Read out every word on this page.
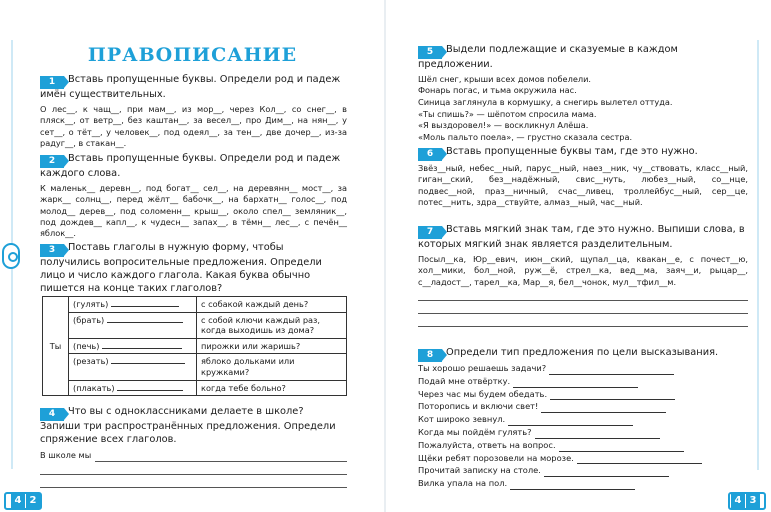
ПРАВОПИСАНИЕ
1 Вставь пропущенные буквы. Определи род и падеж имён существительных.
О лес__, к чащ__, при мам__, из мор__, через Кол__, со снег__, в пляск__, от ветр__, без каштан__, за весел__, про Дим__, на нян__, у сет__, о тёт__, у человек__, под одеял__, за тен__, две дочер__, из-за радуг__, в стакан__.
2 Вставь пропущенные буквы. Определи род и падеж каждого слова.
К маленьк__ деревн__, под богат__ сел__, на деревянн__ мост__, за жарк__ солнц__, перед жёлт__ бабочк__, на бархатн__ голос__, под молод__ дерев__, под соломенн__ крыш__, около спел__ земляник__, под дождев__ капл__, к чудесн__ запах__, в тёмн__ лес__, с печён__ яблок__.
3 Поставь глаголы в нужную форму, чтобы получились вопросительные предложения. Определи лицо и число каждого глагола. Какая буква обычно пишется на конце таких глаголов?
Ты	(гулять)	с собакой каждый день?
	(брать)	с собой ключи каждый раз, когда выходишь из дома?
	(печь)	пирожки или жаришь?
	(резать)	яблоко дольками или кружками?
	(плакать)	когда тебе больно?
4 Что вы с одноклассниками делаете в школе? Запиши три распространённых предложения. Определи спряжение всех глаголов.
В школе мы
4 2
5 Выдели подлежащие и сказуемые в каждом предложении.
Шёл снег, крыши всех домов побелели.
Фонарь погас, и тьма окружила нас.
Синица заглянула в кормушку, а снегирь вылетел оттуда.
«Ты спишь?» — шёпотом спросила мама.
«Я выздоровел!» — воскликнул Алёша.
«Моль пальто поела», — грустно сказала сестра.
6 Вставь пропущенные буквы там, где это нужно.
Звёз__ный, небес__ный, парус__ный, наез__ник, чу__ствовать, класс__ный, гиган__ский, без__надёжный, свис__нуть, любез__ный, со__нце, подвес__ной, праз__ничный, счас__ливец, троллейбус__ный, сер__це, потес__нить, здра__ствуйте, алмаз__ный, час__ный.
7 Вставь мягкий знак там, где это нужно. Выпиши слова, в которых мягкий знак является разделительным.
Посыл__ка, Юр__евич, июн__ский, щупал__ца, квакан__е, с почест__ю, хол__мики, бол__ной, руж__ё, стрел__ка, вед__ма, заяч__и, рыцар__, с__ладост__, тарел__ка, Мар__я, бел__чонок, мул__тфил__м.
8 Определи тип предложения по цели высказывания.
Ты хорошо решаешь задачи?
Подай мне отвёртку.
Через час мы будем обедать.
Поторопись и включи свет!
Кот широко зевнул.
Когда мы пойдём гулять?
Пожалуйста, ответь на вопрос.
Щёки ребят порозовели на морозе.
Прочитай записку на столе.
Вилка упала на пол.
4 3
